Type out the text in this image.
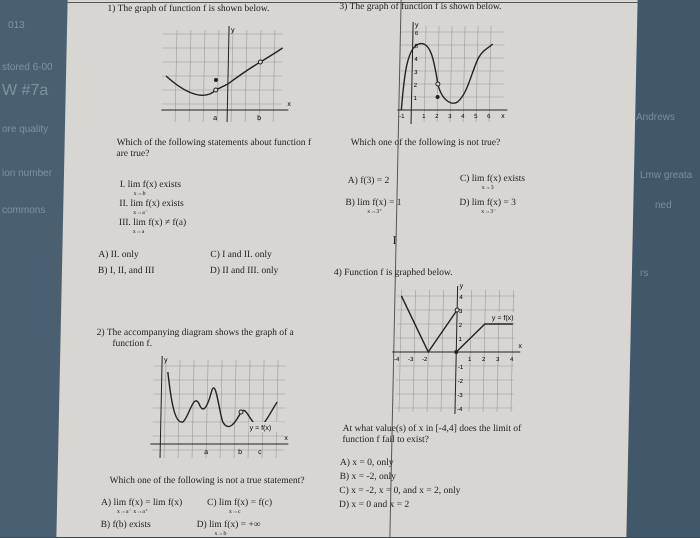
013
stored 6-00
W #7a
ore quality
ion number
commons
Andrews
Lmw greata
ned
rs
1) The graph of function f is shown below.
y
x
a	b
Which of the following statements about function f
are true?
I. lim f(x) exists
x→b
II. lim f(x) exists
x→a⁻
III. lim f(x) ≠ f(a)
x→a
A) II. only
B) I, II, and III
C) I and II. only
D) II and III. only
2) The accompanying diagram shows the graph of a
function f.
y = f(x)
y
x
a	b c
Which one of the following is not a true statement?
A) lim f(x) = lim f(x)
x→a⁻ x→a⁺
C) lim f(x) = f(c)
x→c
B) f(b) exists	D) lim f(x) = +∞
x→b
3) The graph of function f is shown below.
y
x
6
5
4
3
2
1
-1	1 2 3 4 5 6
Which one of the following is not true?
A) f(3) = 2	C) lim f(x) exists
x→3
B) lim f(x) = 1
x→3⁺
D) lim f(x) = 3
x→3⁻
I
4) Function f is graphed below.
y = f(x)
y
x
4
3
2
1
-1
-2
-3
-4
-4 -3 -2	1 2 3 4
At what value(s) of x in [-4,4] does the limit of
function f fail to exist?
A) x = 0, only
B) x = -2, only
C) x = -2, x = 0, and x = 2, only
D) x = 0 and x = 2
